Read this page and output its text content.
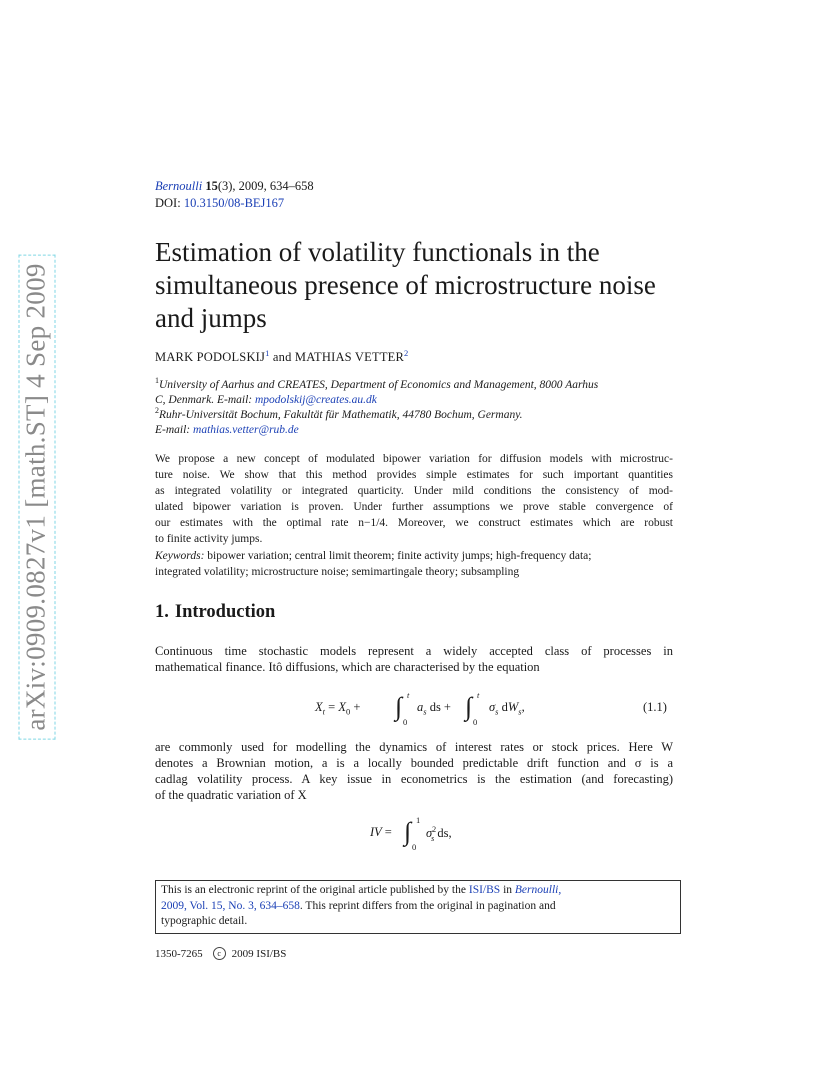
arXiv:0909.0827v1 [math.ST] 4 Sep 2009
Bernoulli 15(3), 2009, 634–658
DOI: 10.3150/08-BEJ167
Estimation of volatility functionals in the
simultaneous presence of microstructure noise
and jumps
MARK PODOLSKIJ$^1$ and MATHIAS VETTER$^2$
$^1$University of Aarhus and CREATES, Department of Economics and Management, 8000 Aarhus
C, Denmark. E-mail: mpodolskij@creates.au.dk
$^2$Ruhr-Universität Bochum, Fakultät für Mathematik, 44780 Bochum, Germany.
E-mail: mathias.vetter@rub.de
We propose a new concept of modulated bipower variation for diffusion models with microstruc-
ture noise. We show that this method provides simple estimates for such important quantities
as integrated volatility or integrated quarticity. Under mild conditions the consistency of mod-
ulated bipower variation is proven. Under further assumptions we prove stable convergence of
our estimates with the optimal rate n−1/4. Moreover, we construct estimates which are robust
to finite activity jumps.
Keywords: bipower variation; central limit theorem; finite activity jumps; high-frequency data;
integrated volatility; microstructure noise; semimartingale theory; subsampling
1. Introduction
Continuous time stochastic models represent a widely accepted class of processes in
mathematical finance. Itô diffusions, which are characterised by the equation
$X_t = X_0$ + ∫ t
0
$a_s$ ds + ∫ t
0
$\sigma_s$ $dW_s$,	(1.1)
are commonly used for modelling the dynamics of interest rates or stock prices. Here W
denotes a Brownian motion, a is a locally bounded predictable drift function and σ is a
cadlag volatility process. A key issue in econometrics is the estimation (and forecasting)
of the quadratic variation of X
IV = ∫ 1
0
$\sigma^2_s$ ds,
This is an electronic reprint of the original article published by the ISI/BS in Bernoulli,
2009, Vol. 15, No. 3, 634–658. This reprint differs from the original in pagination and
typographic detail.
1350-7265 c 2009 ISI/BS
